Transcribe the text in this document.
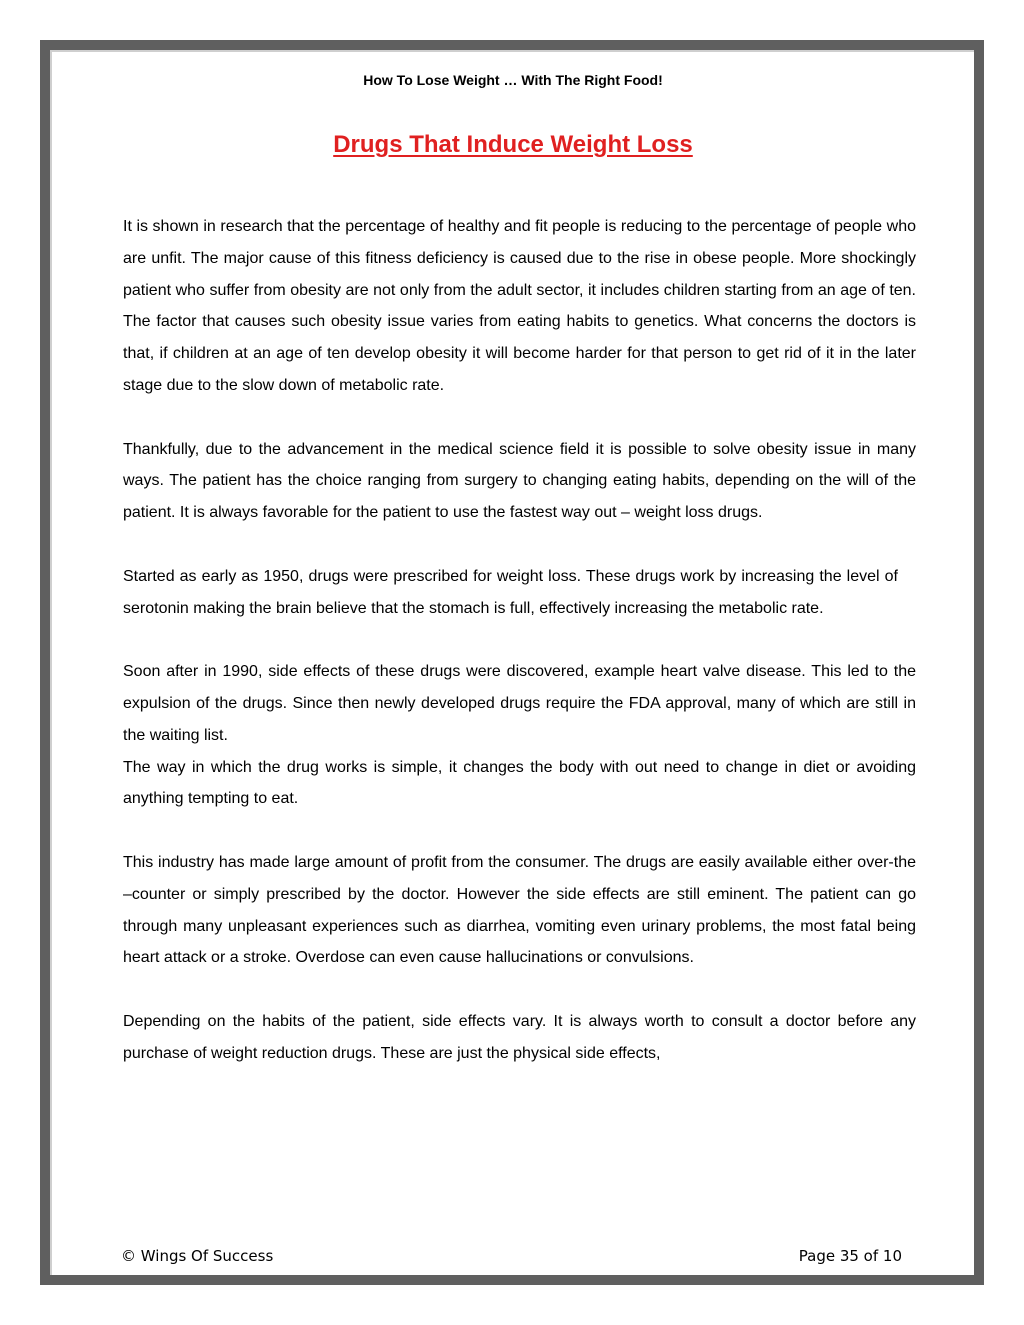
How To Lose Weight … With The Right Food!
Drugs That Induce Weight Loss

It is shown in research that the percentage of healthy and fit people is reducing to the percentage of people who are unfit. The major cause of this fitness deficiency is caused due to the rise in obese people. More shockingly patient who suffer from obesity are not only from the adult sector, it includes children starting from an age of ten. The factor that causes such obesity issue varies from eating habits to genetics. What concerns the doctors is that, if children at an age of ten develop obesity it will become harder for that person to get rid of it in the later stage due to the slow down of metabolic rate.

Thankfully, due to the advancement in the medical science field it is possible to solve obesity issue in many ways. The patient has the choice ranging from surgery to changing eating habits, depending on the will of the patient. It is always favorable for the patient to use the fastest way out – weight loss drugs.

Started as early as 1950, drugs were prescribed for weight loss. These drugs work by increasing the level of serotonin making the brain believe that the stomach is full, effectively increasing the metabolic rate.

Soon after in 1990, side effects of these drugs were discovered, example heart valve disease. This led to the expulsion of the drugs. Since then newly developed drugs require the FDA approval, many of which are still in the waiting list.

The way in which the drug works is simple, it changes the body with out need to change in diet or avoiding anything tempting to eat.

This industry has made large amount of profit from the consumer. The drugs are easily available either over-the –counter or simply prescribed by the doctor. However the side effects are still eminent. The patient can go through many unpleasant experiences such as diarrhea, vomiting even urinary problems, the most fatal being heart attack or a stroke. Overdose can even cause hallucinations or convulsions.

Depending on the habits of the patient, side effects vary. It is always worth to consult a doctor before any purchase of weight reduction drugs. These are just the physical side effects,

© Wings Of Success	Page 35 of 10
